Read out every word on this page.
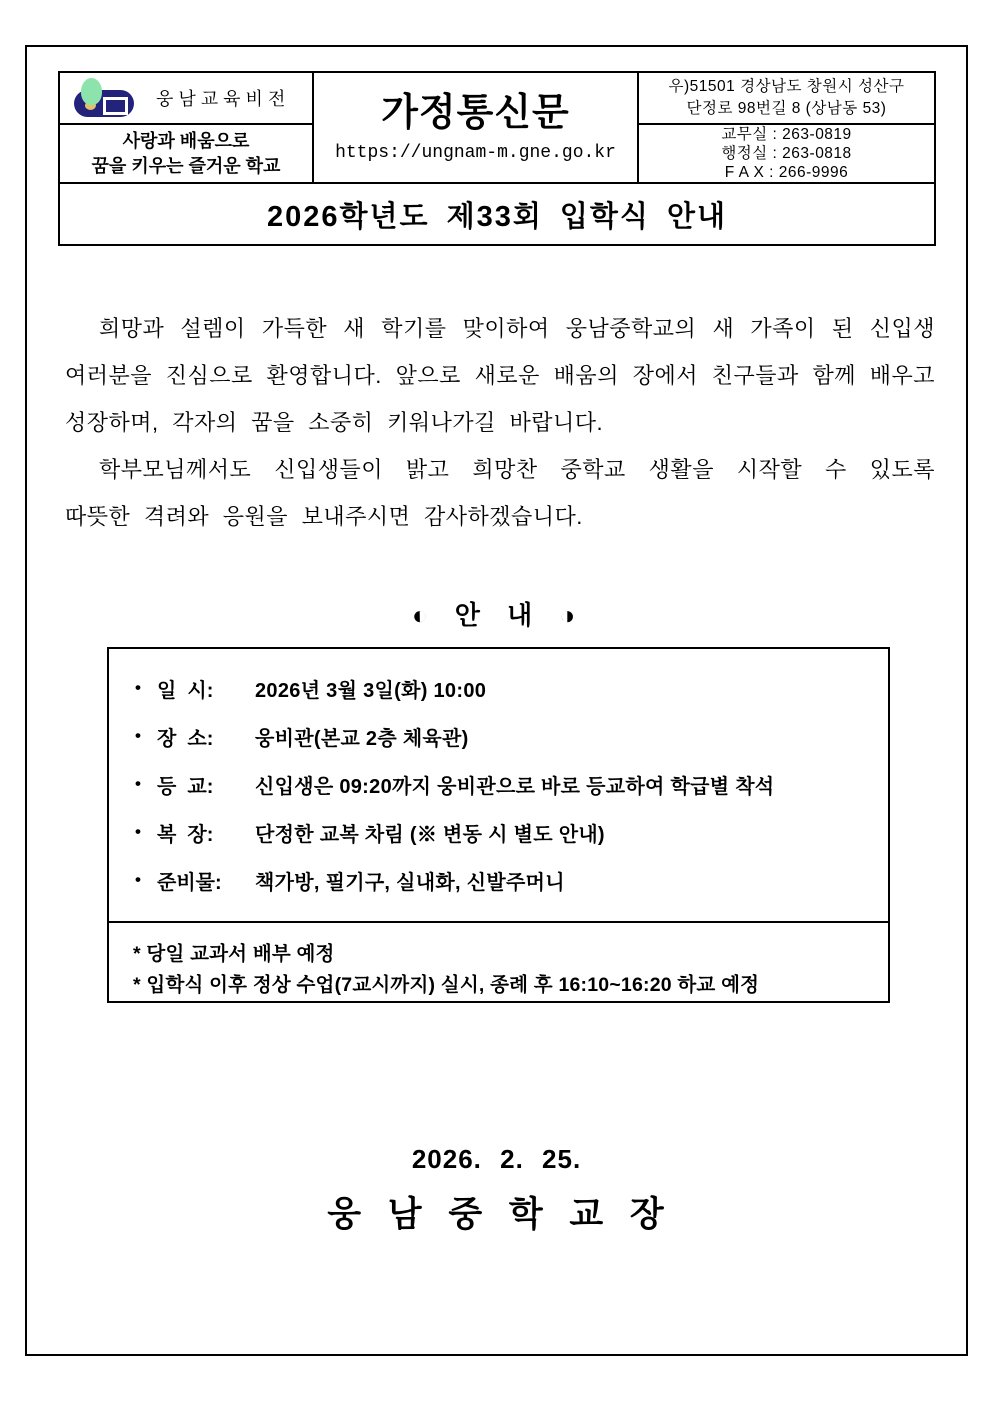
웅남교육비전	가정통신문
https://ungnam-m.gne.go.kr

우)51501 경상남도 창원시 성산구
단정로 98번길 8 (상남동 53)

사랑과 배움으로
꿈을 키우는 즐거운 학교

교무실 : 263-0819
행정실 : 263-0818
F A X : 266-9996

2026학년도 제33회 입학식 안내		
희망과 설렘이 가득한 새 학기를 맞이하여 웅남중학교의 새 가족이 된 신입생 여러분을 진심으로 환영합니다. 앞으로 새로운 배움의 장에서 친구들과 함께 배우고 성장하며, 각자의 꿈을 소중히 키워나가길 바랍니다.
학부모님께서도 신입생들이 밝고 희망찬 중학교 생활을 시작할 수 있도록 따뜻한 격려와 응원을 보내주시면 감사하겠습니다.
◐ 안 내 ◑
• 일  시:	2026년 3월 3일(화) 10:00
• 장  소:	웅비관(본교 2층 체육관)
• 등  교:	신입생은 09:20까지 웅비관으로 바로 등교하여 학급별 착석
• 복  장:	단정한 교복 차림 (※ 변동 시 별도 안내)
• 준비물:	책가방, 필기구, 실내화, 신발주머니
* 당일 교과서 배부 예정
* 입학식 이후 정상 수업(7교시까지) 실시, 종례 후 16:10~16:20 하교 예정
2026. 2. 25.
웅 남 중 학 교 장
